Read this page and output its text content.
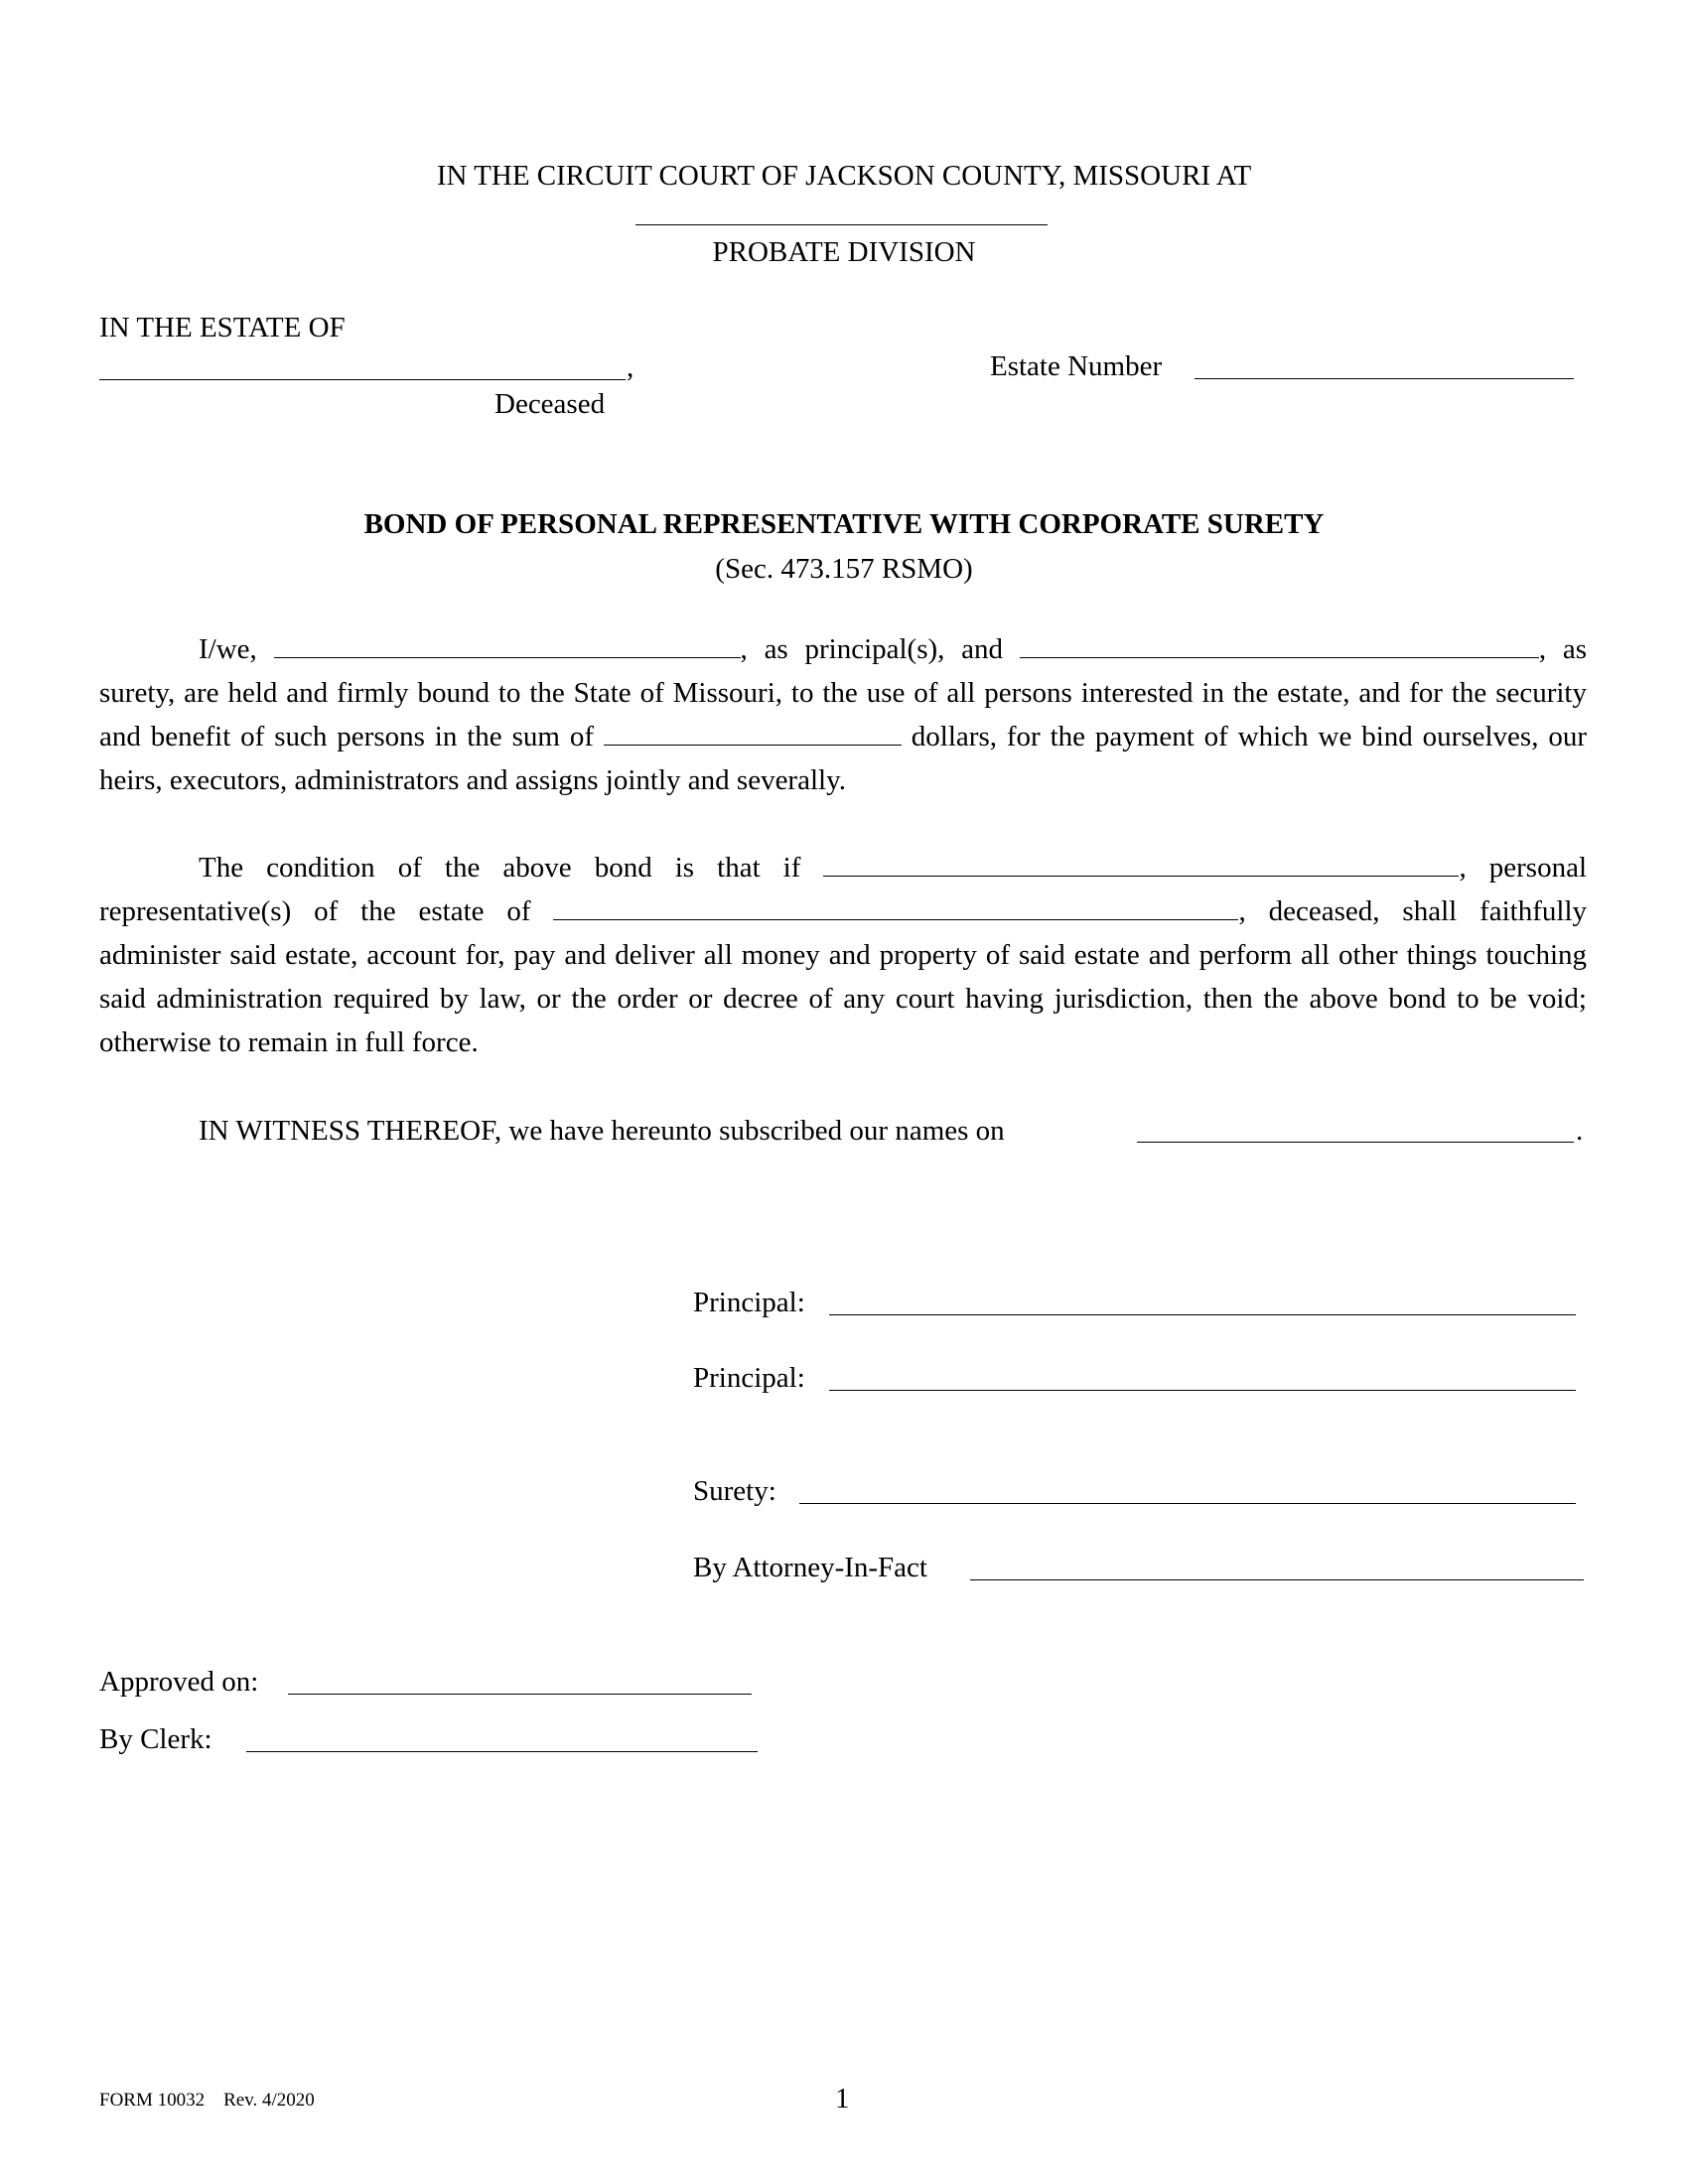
IN THE CIRCUIT COURT OF JACKSON COUNTY, MISSOURI AT
PROBATE DIVISION
IN THE ESTATE OF
,
Deceased
Estate Number
BOND OF PERSONAL REPRESENTATIVE WITH CORPORATE SURETY
(Sec. 473.157 RSMO)
I/we,	, as principal(s), and	, as surety, are held and firmly bound to the State of Missouri, to the use of all persons interested in the estate, and for the security and benefit of such persons in the sum of	dollars, for the payment of which we bind ourselves, our heirs, executors, administrators and assigns jointly and severally.
The condition of the above bond is that if	, personal representative(s) of the estate of	, deceased, shall faithfully administer said estate, account for, pay and deliver all money and property of said estate and perform all other things touching said administration required by law, or the order or decree of any court having jurisdiction, then the above bond to be void; otherwise to remain in full force.
IN WITNESS THEREOF, we have hereunto subscribed our names on	.
Principal:
Principal:
Surety:
By Attorney-In-Fact
Approved on:
By Clerk:
FORM 10032    Rev. 4/2020	1
